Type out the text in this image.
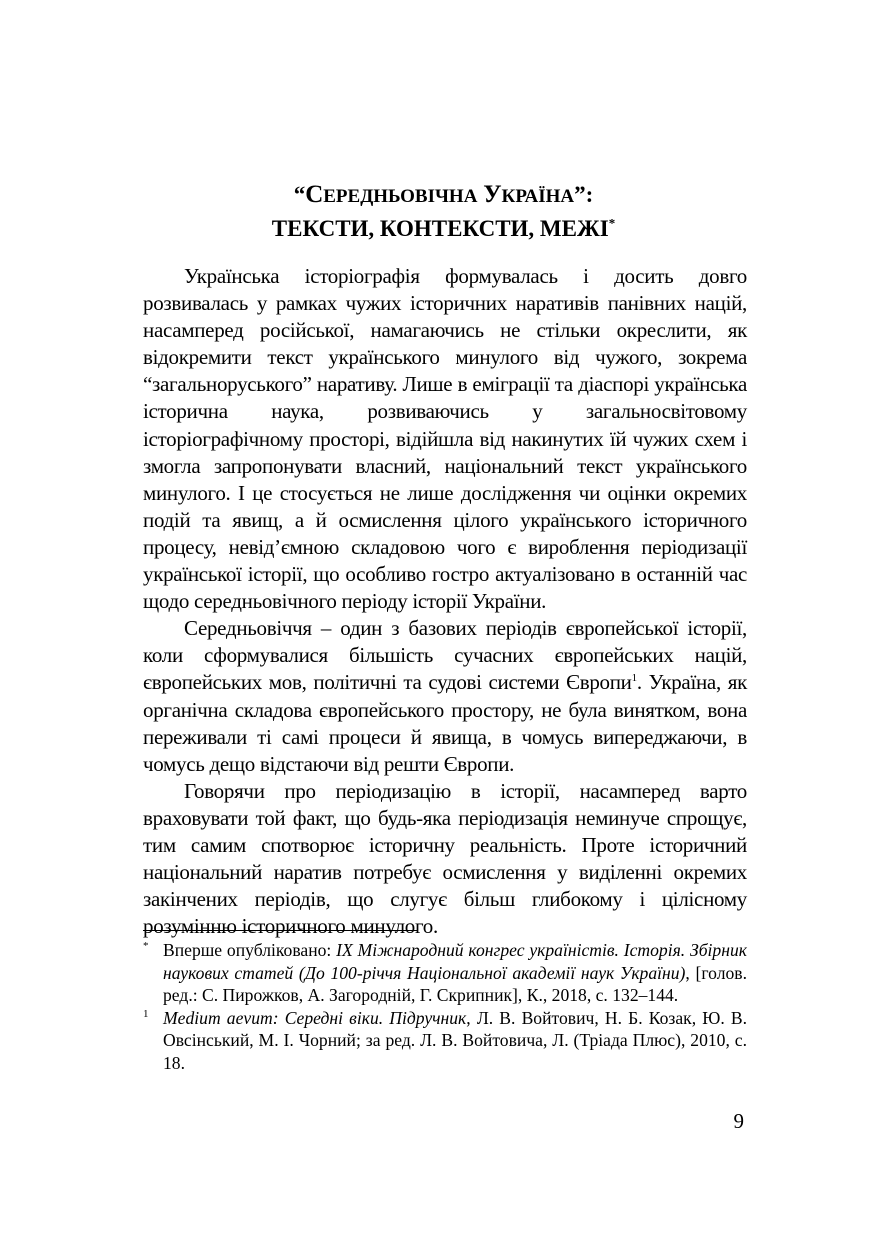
“СЕРЕДНЬОВІЧНА УКРАЇНА”:
ТЕКСТИ, КОНТЕКСТИ, МЕЖІ*

Українська історіографія формувалась і досить довго розвивалась у рамках чужих історичних наративів панівних націй, насамперед російської, намагаючись не стільки окреслити, як відокремити текст українського минулого від чужого, зокрема “загальноруського” наративу. Лише в еміграції та діаспорі українська історична наука, розвиваючись у загальносвітовому історіографічному просторі, відійшла від накинутих їй чужих схем і змогла запропонувати власний, національний текст українського минулого. І це стосується не лише дослідження чи оцінки окремих подій та явищ, а й осмислення цілого українського історичного процесу, невід’ємною складовою чого є вироблення періодизації української історії, що особливо гостро актуалізовано в останній час щодо середньовічного періоду історії України.

Середньовіччя – один з базових періодів європейської історії, коли сформувалися більшість сучасних європейських націй, європейських мов, політичні та судові системи Європи$^1$. Україна, як органічна складова європейського простору, не була винятком, вона переживали ті самі процеси й явища, в чомусь випереджаючи, в чомусь дещо відстаючи від решти Європи.

Говорячи про періодизацію в історії, насамперед варто враховувати той факт, що будь-яка періодизація неминуче спрощує, тим самим спотворює історичну реальність. Проте історичний національний наратив потребує осмислення у виділенні окремих закінчених періодів, що слугує більш глибокому і цілісному розумінню історичного минулого.

* Вперше опубліковано: IX Міжнародний конгрес україністів. Історія. Збірник наукових статей (До 100-річчя Національної академії наук України), [голов. ред.: С. Пирожков, А. Загородній, Г. Скрипник], К., 2018, с. 132–144.

$^1$ Medium aevum: Середні віки. Підручник, Л. В. Войтович, Н. Б. Козак, Ю. В. Овсінський, М. І. Чорний; за ред. Л. В. Войтовича, Л. (Тріада Плюс), 2010, с. 18.

9
